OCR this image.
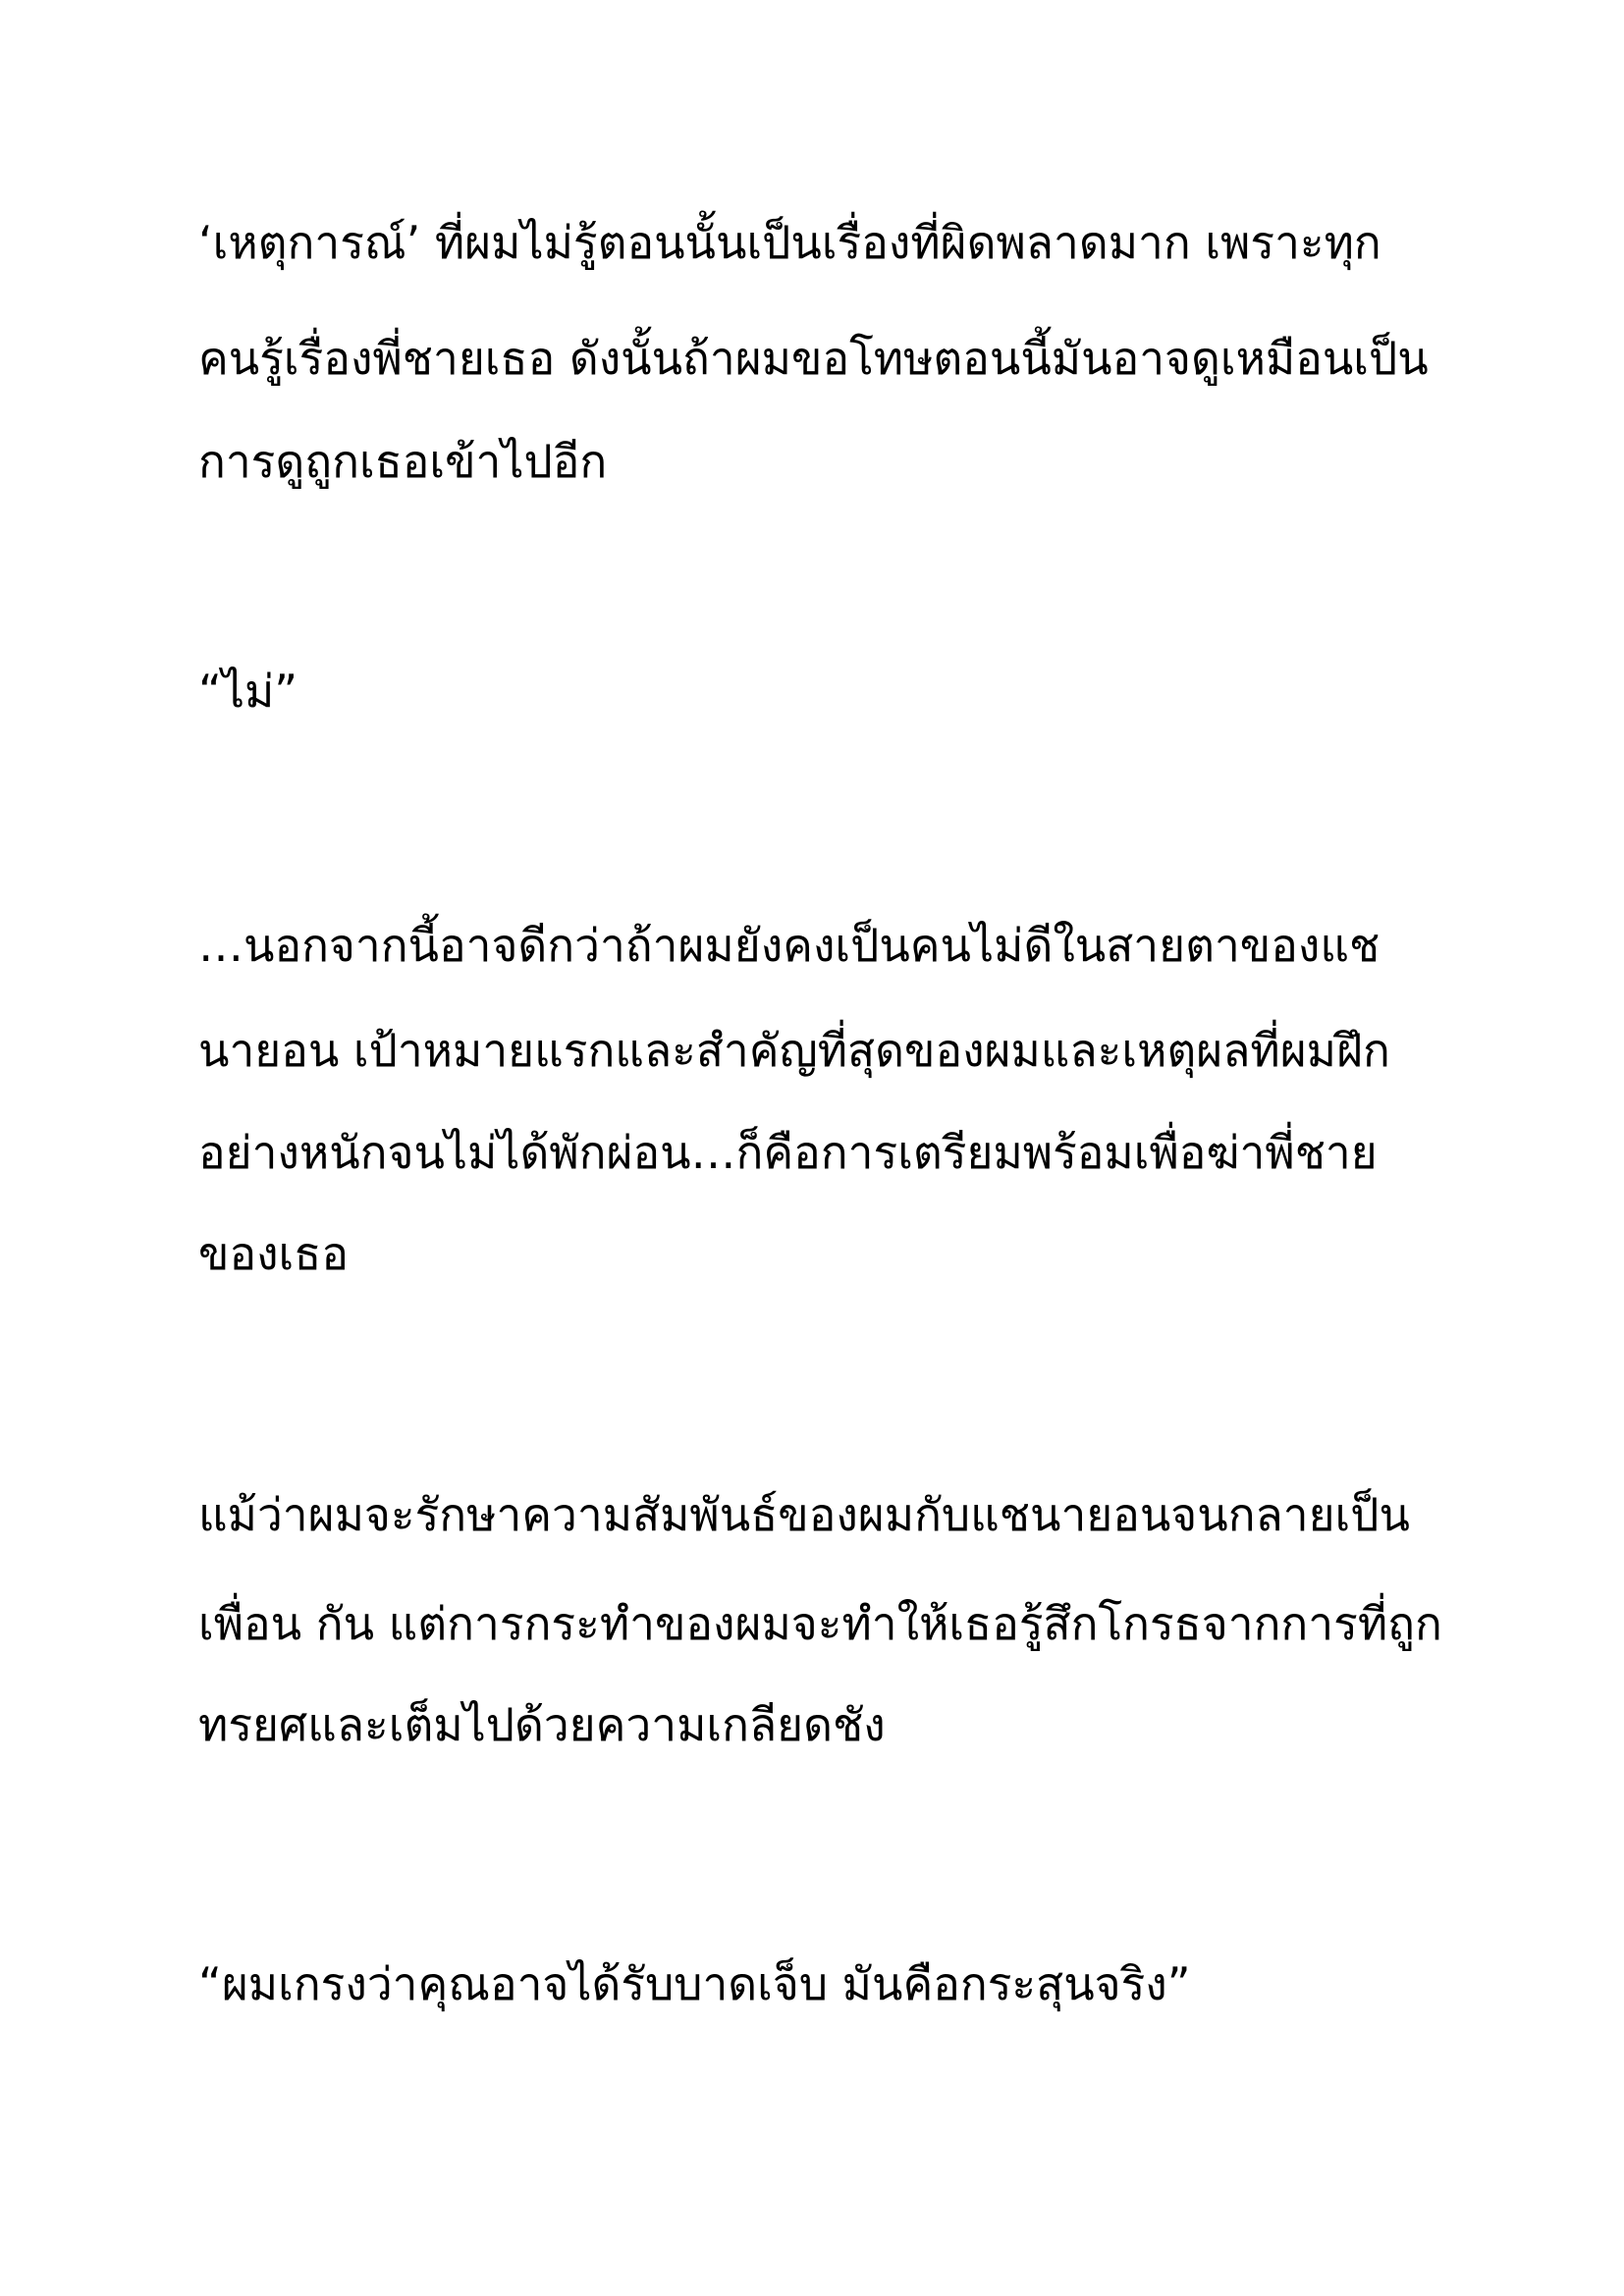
‘เหตุการณ์’ ที่ผมไม่รู้ตอนนั้นเป็นเรื่องที่ผิดพลาดมาก เพราะทุก

คนรู้เรื่องพี่ชายเธอ ดังนั้นถ้าผมขอโทษตอนนี้มันอาจดูเหมือนเป็น

การดูถูกเธอเข้าไปอีก

“ไม่”

…นอกจากนี้อาจดีกว่าถ้าผมยังคงเป็นคนไม่ดีในสายตาของแช

นายอน เป้าหมายแรกและสำคัญที่สุดของผมและเหตุผลที่ผมฝึก

อย่างหนักจนไม่ได้พักผ่อน…ก็คือการเตรียมพร้อมเพื่อฆ่าพี่ชาย

ของเธอ

แม้ว่าผมจะรักษาความสัมพันธ์ของผมกับแชนายอนจนกลายเป็น

เพื่อน กัน แต่การกระทำของผมจะทำให้เธอรู้สึกโกรธจากการที่ถูก

ทรยศและเต็มไปด้วยความเกลียดชัง

“ผมเกรงว่าคุณอาจได้รับบาดเจ็บ มันคือกระสุนจริง”
